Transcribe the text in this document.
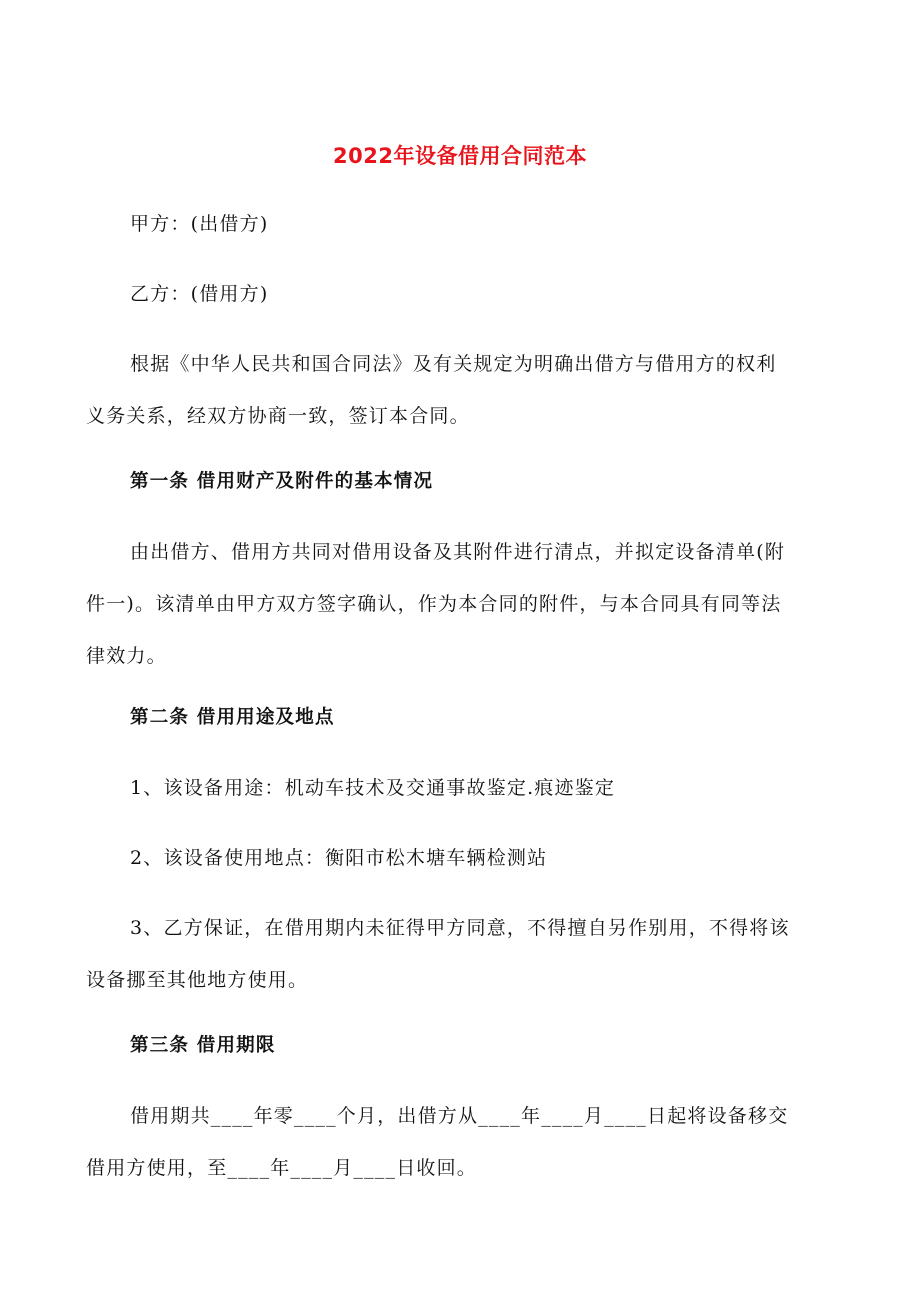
2022年设备借用合同范本
甲方：(出借方)
乙方：(借用方)
根据《中华人民共和国合同法》及有关规定为明确出借方与借用方的权利
义务关系，经双方协商一致，签订本合同。
第一条 借用财产及附件的基本情况
由出借方、借用方共同对借用设备及其附件进行清点，并拟定设备清单(附
件一)。该清单由甲方双方签字确认，作为本合同的附件，与本合同具有同等法
律效力。
第二条 借用用途及地点
1、该设备用途：机动车技术及交通事故鉴定.痕迹鉴定
2、该设备使用地点：衡阳市松木塘车辆检测站
3、乙方保证，在借用期内未征得甲方同意，不得擅自另作别用，不得将该
设备挪至其他地方使用。
第三条 借用期限
借用期共____年零____个月，出借方从____年____月____日起将设备移交
借用方使用，至____年____月____日收回。
